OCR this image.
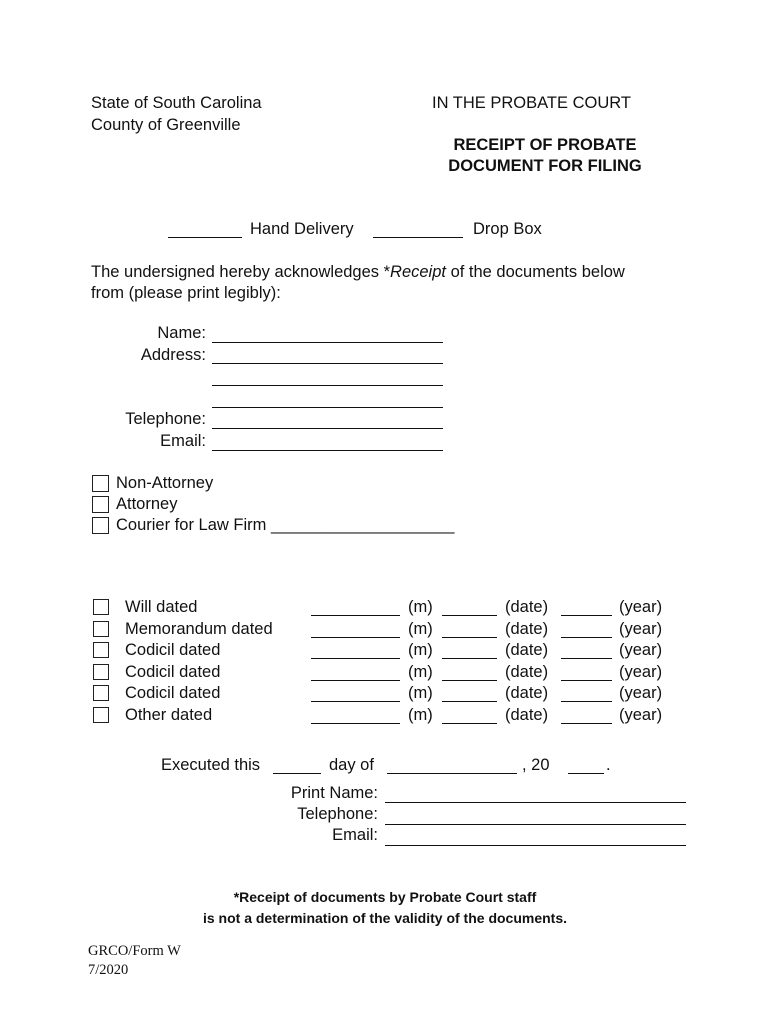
State of South Carolina
County of Greenville
IN THE PROBATE COURT
RECEIPT OF PROBATE
DOCUMENT FOR FILING
Hand Delivery	Drop Box
The undersigned hereby acknowledges *Receipt of the documents below
from (please print legibly):
Name:
Address:
Telephone:
Email:
Non-Attorney
Attorney
Courier for Law Firm ____________________
Will dated	(m)	(date)	(year)
Memorandum dated	(m)	(date)	(year)
Codicil dated	(m)	(date)	(year)
Codicil dated	(m)	(date)	(year)
Codicil dated	(m)	(date)	(year)
Other dated	(m)	(date)	(year)
Executed this	day of	, 20	.
Print Name:
Telephone:
Email:
*Receipt of documents by Probate Court staff
is not a determination of the validity of the documents.
GRCO/Form W
7/2020
